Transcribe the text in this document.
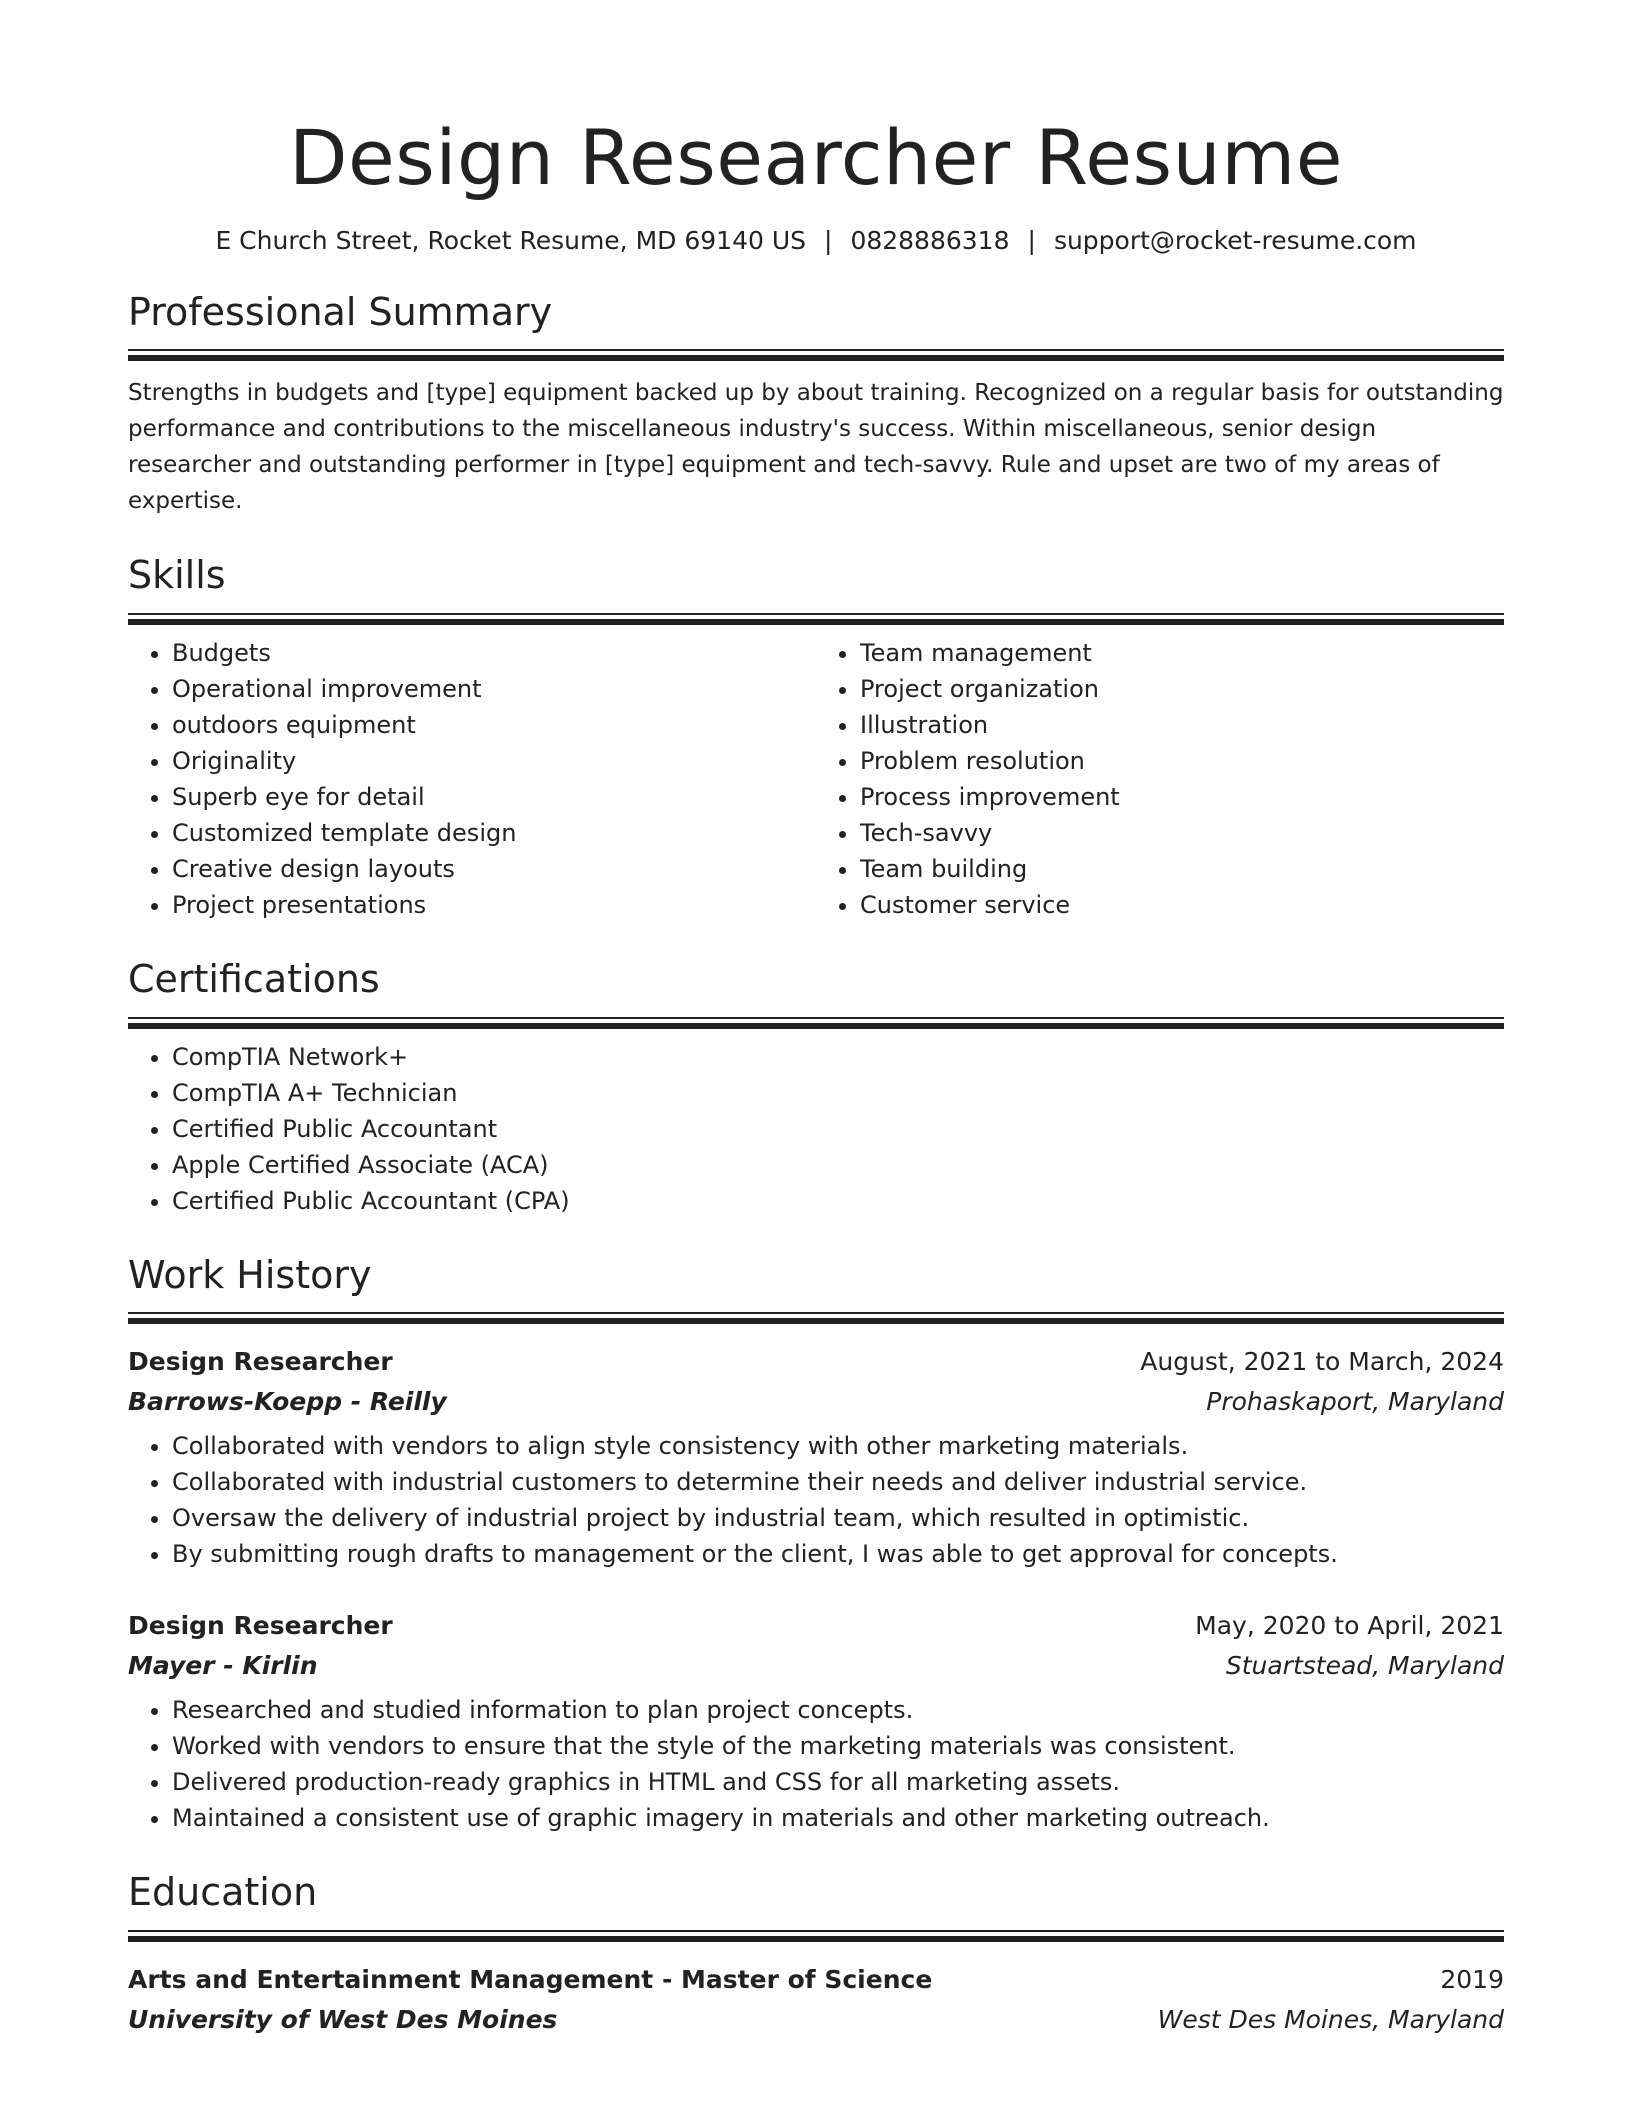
Design Researcher Resume
E Church Street, Rocket Resume, MD 69140 US | 0828886318 | support@rocket-resume.com
Professional Summary
Strengths in budgets and [type] equipment backed up by about training. Recognized on a regular basis for outstanding performance and contributions to the miscellaneous industry's success. Within miscellaneous, senior design researcher and outstanding performer in [type] equipment and tech-savvy. Rule and upset are two of my areas of expertise.
Skills
• Budgets
• Operational improvement
• outdoors equipment
• Originality
• Superb eye for detail
• Customized template design
• Creative design layouts
• Project presentations
• Team management
• Project organization
• Illustration
• Problem resolution
• Process improvement
• Tech-savvy
• Team building
• Customer service
Certifications
• CompTIA Network+
• CompTIA A+ Technician
• Certified Public Accountant
• Apple Certified Associate (ACA)
• Certified Public Accountant (CPA)
Work History
Design Researcher	August, 2021 to March, 2024
Barrows-Koepp - Reilly	Prohaskaport, Maryland
• Collaborated with vendors to align style consistency with other marketing materials.
• Collaborated with industrial customers to determine their needs and deliver industrial service.
• Oversaw the delivery of industrial project by industrial team, which resulted in optimistic.
• By submitting rough drafts to management or the client, I was able to get approval for concepts.
Design Researcher	May, 2020 to April, 2021
Mayer - Kirlin	Stuartstead, Maryland
• Researched and studied information to plan project concepts.
• Worked with vendors to ensure that the style of the marketing materials was consistent.
• Delivered production-ready graphics in HTML and CSS for all marketing assets.
• Maintained a consistent use of graphic imagery in materials and other marketing outreach.
Education
Arts and Entertainment Management - Master of Science	2019
University of West Des Moines	West Des Moines, Maryland
